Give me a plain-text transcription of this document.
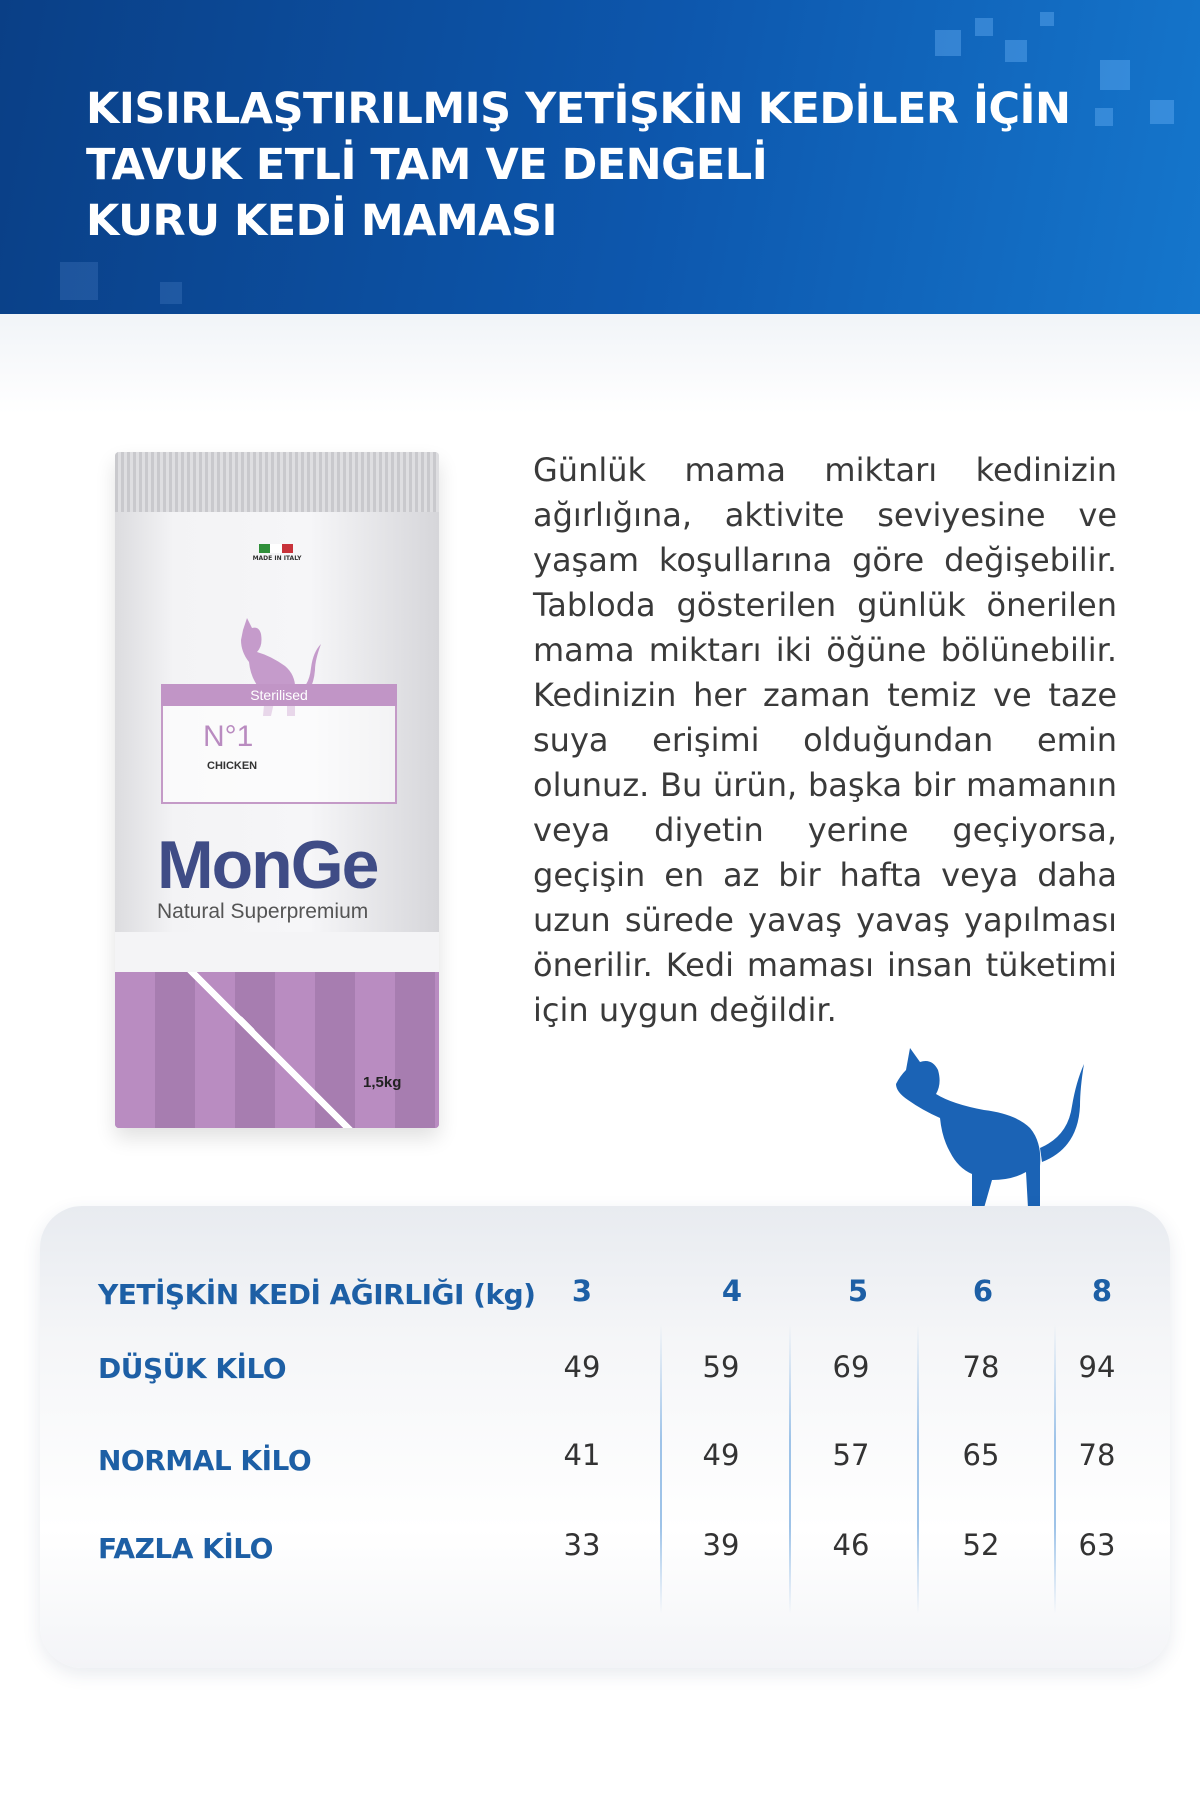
KISIRLAŞTIRILMIŞ YETİŞKİN KEDİLER İÇİN
TAVUK ETLİ TAM VE DENGELİ
KURU KEDİ MAMASI
MADE IN ITALY
Sterilised
N°1
CHICKEN
MonGe
Natural Superpremium
1,5kg

Günlük mama miktarı kedinizin ağırlığına, aktivite seviyesine ve yaşam koşullarına göre değişebilir. Tabloda gösterilen günlük önerilen mama miktarı iki öğüne bölünebilir. Kedinizin her zaman temiz ve taze suya erişimi olduğundan emin olunuz. Bu ürün, başka bir mamanın veya diyetin yerine geçiyorsa, geçişin en az bir hafta veya daha uzun sürede yavaş yavaş yapılması önerilir. Kedi maması insan tüketimi için uygun değildir.

YETİŞKİN KEDİ AĞIRLIĞI (kg)	3	4	5	6	8
DÜŞÜK KİLO	49	59	69	78	94
NORMAL KİLO	41	49	57	65	78
FAZLA KİLO	33	39	46	52	63
